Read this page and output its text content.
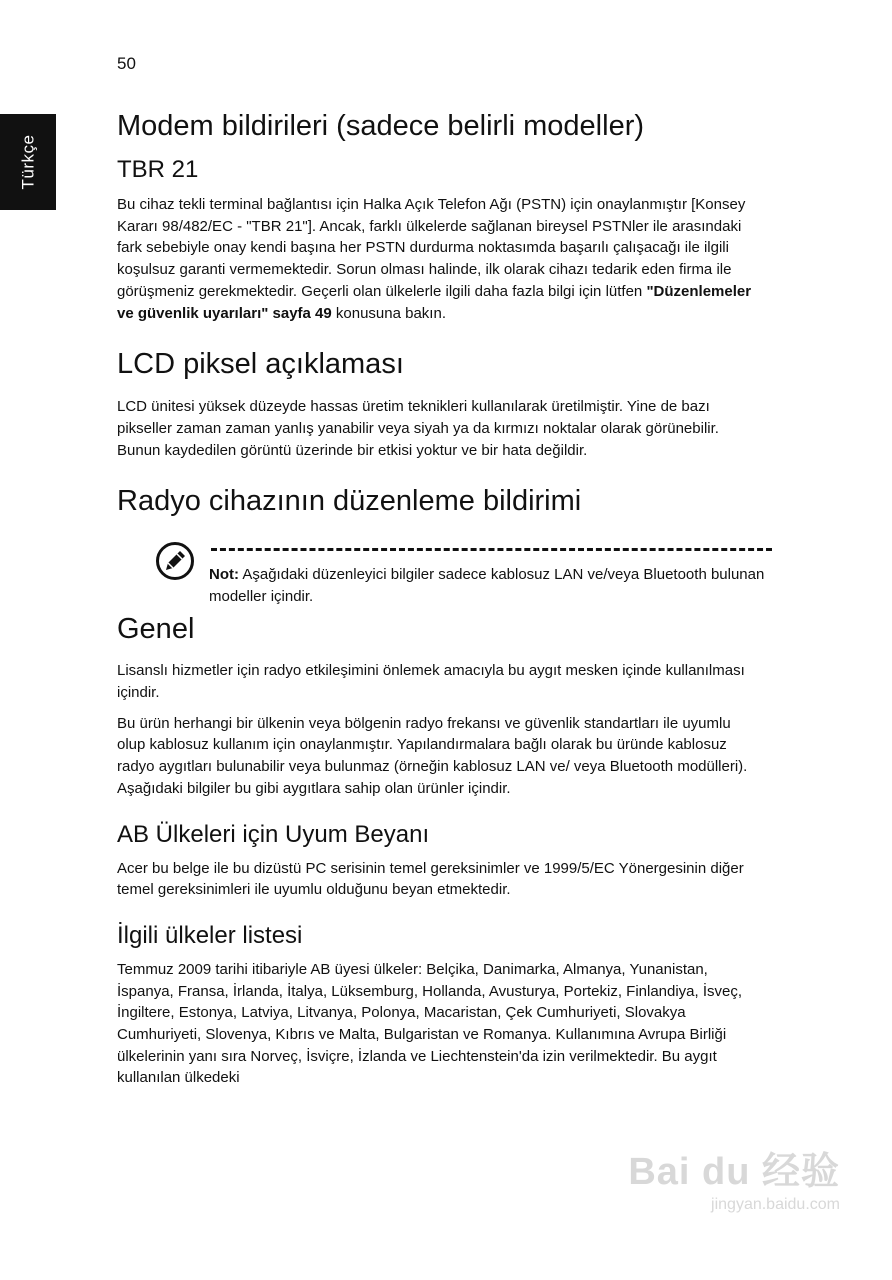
50
Türkçe
Modem bildirileri (sadece belirli modeller)
TBR 21

Bu cihaz tekli terminal bağlantısı için Halka Açık Telefon Ağı (PSTN) için onaylanmıştır [Konsey Kararı 98/482/EC - "TBR 21"]. Ancak, farklı ülkelerde sağlanan bireysel PSTNler ile arasındaki fark sebebiyle onay kendi başına her PSTN durdurma noktasımda başarılı çalışacağı ile ilgili koşulsuz garanti vermemektedir. Sorun olması halinde, ilk olarak cihazı tedarik eden firma ile görüşmeniz gerekmektedir. Geçerli olan ülkelerle ilgili daha fazla bilgi için lütfen "Düzenlemeler ve güvenlik uyarıları" sayfa 49 konusuna bakın.

LCD piksel açıklaması

LCD ünitesi yüksek düzeyde hassas üretim teknikleri kullanılarak üretilmiştir. Yine de bazı pikseller zaman zaman yanlış yanabilir veya siyah ya da kırmızı noktalar olarak görünebilir. Bunun kaydedilen görüntü üzerinde bir etkisi yoktur ve bir hata değildir.

Radyo cihazının düzenleme bildirimi
Not: Aşağıdaki düzenleyici bilgiler sadece kablosuz LAN ve/veya Bluetooth bulunan modeller içindir.
Genel

Lisanslı hizmetler için radyo etkileşimini önlemek amacıyla bu aygıt mesken içinde kullanılması içindir.

Bu ürün herhangi bir ülkenin veya bölgenin radyo frekansı ve güvenlik standartları ile uyumlu olup kablosuz kullanım için onaylanmıştır. Yapılandırmalara bağlı olarak bu üründe kablosuz radyo aygıtları bulunabilir veya bulunmaz (örneğin kablosuz LAN ve/ veya Bluetooth modülleri). Aşağıdaki bilgiler bu gibi aygıtlara sahip olan ürünler içindir.

AB Ülkeleri için Uyum Beyanı

Acer bu belge ile bu dizüstü PC serisinin temel gereksinimler ve 1999/5/EC Yönergesinin diğer temel gereksinimleri ile uyumlu olduğunu beyan etmektedir.

İlgili ülkeler listesi

Temmuz 2009 tarihi itibariyle AB üyesi ülkeler: Belçika, Danimarka, Almanya, Yunanistan, İspanya, Fransa, İrlanda, İtalya, Lüksemburg, Hollanda, Avusturya, Portekiz, Finlandiya, İsveç, İngiltere, Estonya, Latviya, Litvanya, Polonya, Macaristan, Çek Cumhuriyeti, Slovakya Cumhuriyeti, Slovenya, Kıbrıs ve Malta, Bulgaristan ve Romanya. Kullanımına Avrupa Birliği ülkelerinin yanı sıra Norveç, İsviçre, İzlanda ve Liechtenstein'da izin verilmektedir. Bu aygıt kullanılan ülkedeki

Bai du 经验
jingyan.baidu.com
